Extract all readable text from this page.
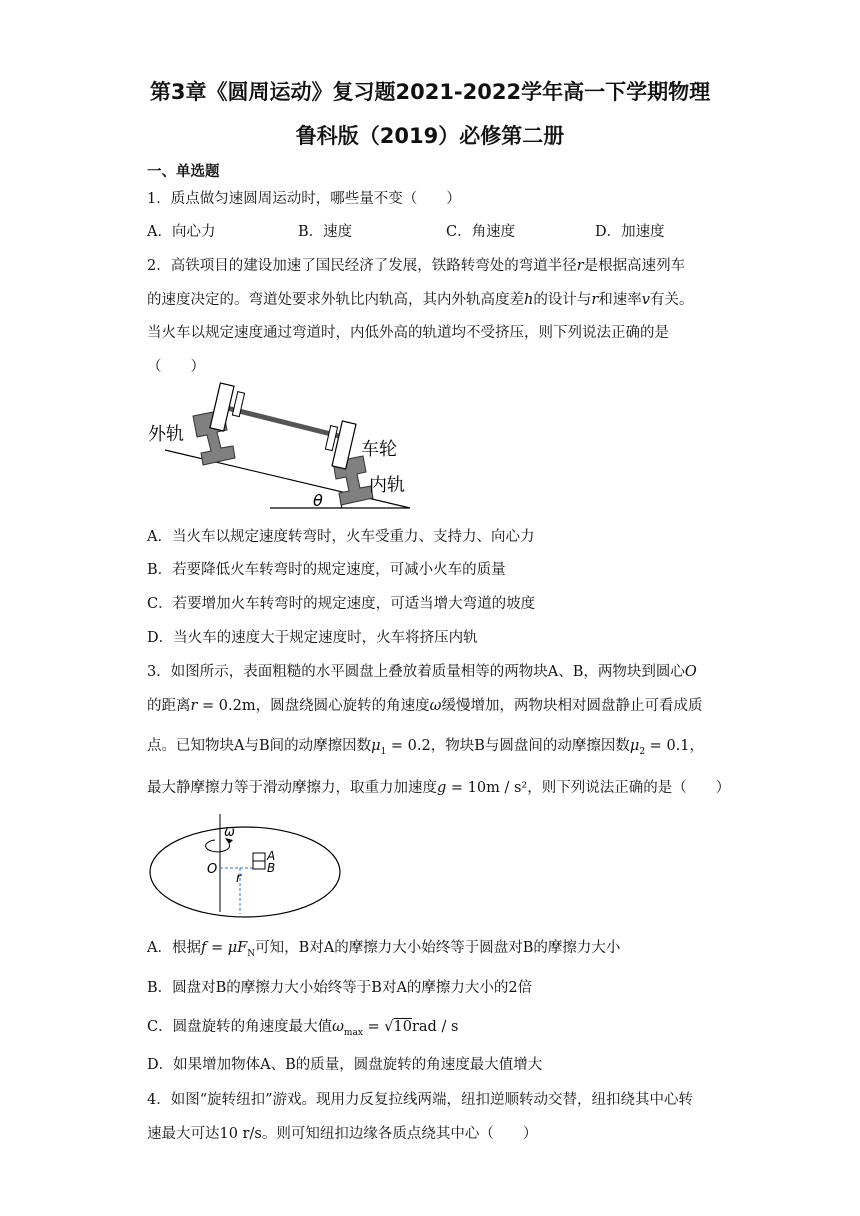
第3章《圆周运动》复习题2021-2022学年高一下学期物理
鲁科版（2019）必修第二册
一、单选题
1．质点做匀速圆周运动时，哪些量不变（　　）
A．向心力	B．速度	C．角速度	D．加速度
2．高铁项目的建设加速了国民经济了发展，铁路转弯处的弯道半径r是根据高速列车
的速度决定的。弯道处要求外轨比内轨高，其内外轨高度差h的设计与r和速率v有关。
当火车以规定速度通过弯道时，内低外高的轨道均不受挤压，则下列说法正确的是
（　　）
外轨
车轮
内轨
θ
A．当火车以规定速度转弯时，火车受重力、支持力、向心力
B．若要降低火车转弯时的规定速度，可减小火车的质量
C．若要增加火车转弯时的规定速度，可适当增大弯道的坡度
D．当火车的速度大于规定速度时，火车将挤压内轨
3．如图所示，表面粗糙的水平圆盘上叠放着质量相等的两物块A、B，两物块到圆心O
的距离r = 0.2m，圆盘绕圆心旋转的角速度ω缓慢增加，两物块相对圆盘静止可看成质
点。已知物块A与B间的动摩擦因数$\mu_1 = 0.2$，物块B与圆盘间的动摩擦因数$\mu_2 = 0.1$，
最大静摩擦力等于滑动摩擦力，取重力加速度g = 10m / s²，则下列说法正确的是（　　）
ω
A
B
O
r
A．根据$f = \mu F_N$可知，B对A的摩擦力大小始终等于圆盘对B的摩擦力大小
B．圆盘对B的摩擦力大小始终等于B对A的摩擦力大小的2倍
C．圆盘旋转的角速度最大值$\omega_{max} = √10rad / s$
D．如果增加物体A、B的质量，圆盘旋转的角速度最大值增大
4．如图“旋转纽扣”游戏。现用力反复拉线两端，纽扣逆顺转动交替，纽扣绕其中心转
速最大可达10 r/s。则可知纽扣边缘各质点绕其中心（　　）
